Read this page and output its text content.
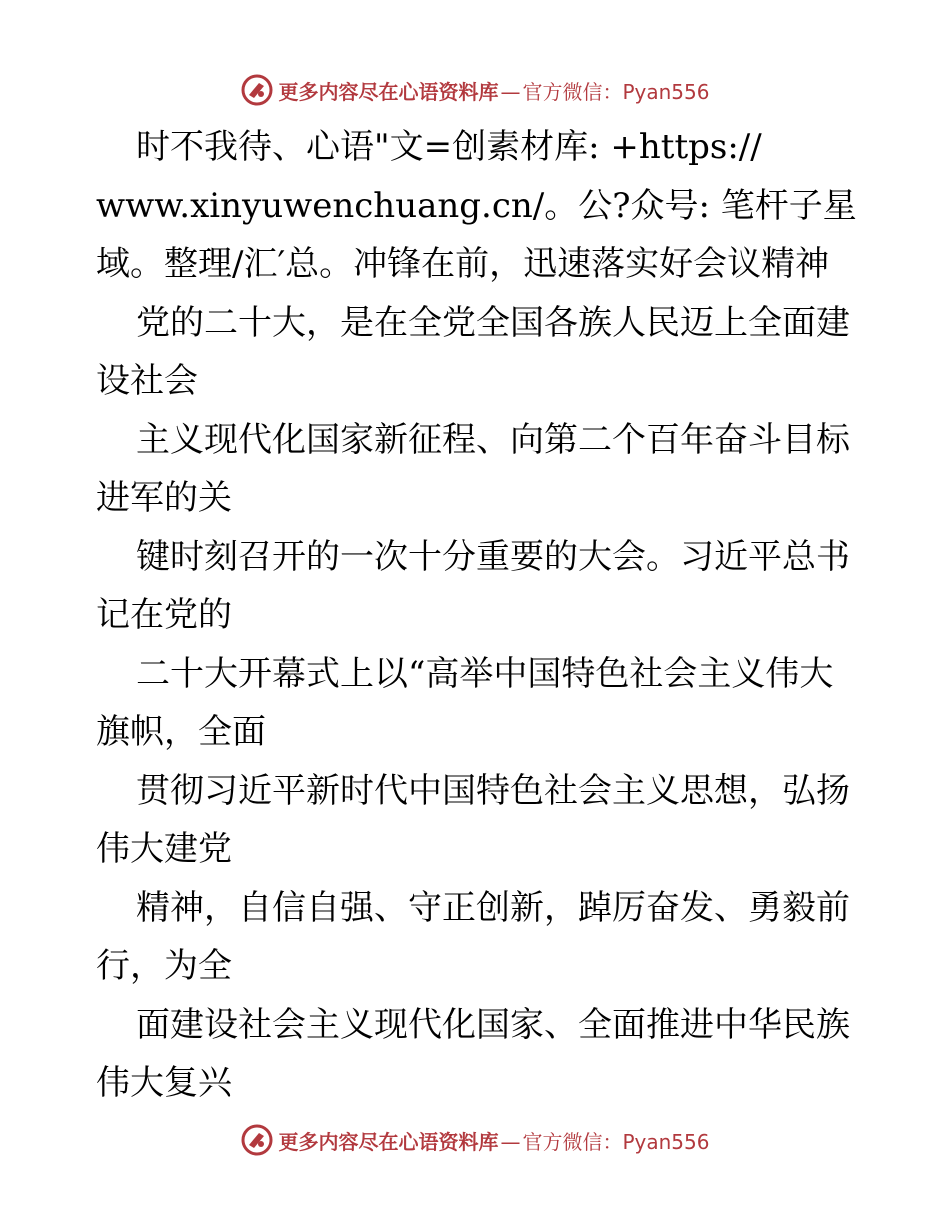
更多内容尽在心语资料库 — 官方微信：Pyan556
时不我待、心语"文=创素材库: +https://
www.xinyuwenchuang.cn/。公?众号: 笔杆子星
域。整理/汇′总。冲锋在前，迅速落实好会议精神
党的二十大，是在全党全国各族人民迈上全面建
设社会
主义现代化国家新征程、向第二个百年奋斗目标
进军的关
键时刻召开的一次十分重要的大会。习近平总书
记在党的
二十大开幕式上以“高举中国特色社会主义伟大
旗帜，全面
贯彻习近平新时代中国特色社会主义思想，弘扬
伟大建党
精神，自信自强、守正创新，踔厉奋发、勇毅前
行，为全
面建设社会主义现代化国家、全面推进中华民族
伟大复兴
更多内容尽在心语资料库 — 官方微信：Pyan556
